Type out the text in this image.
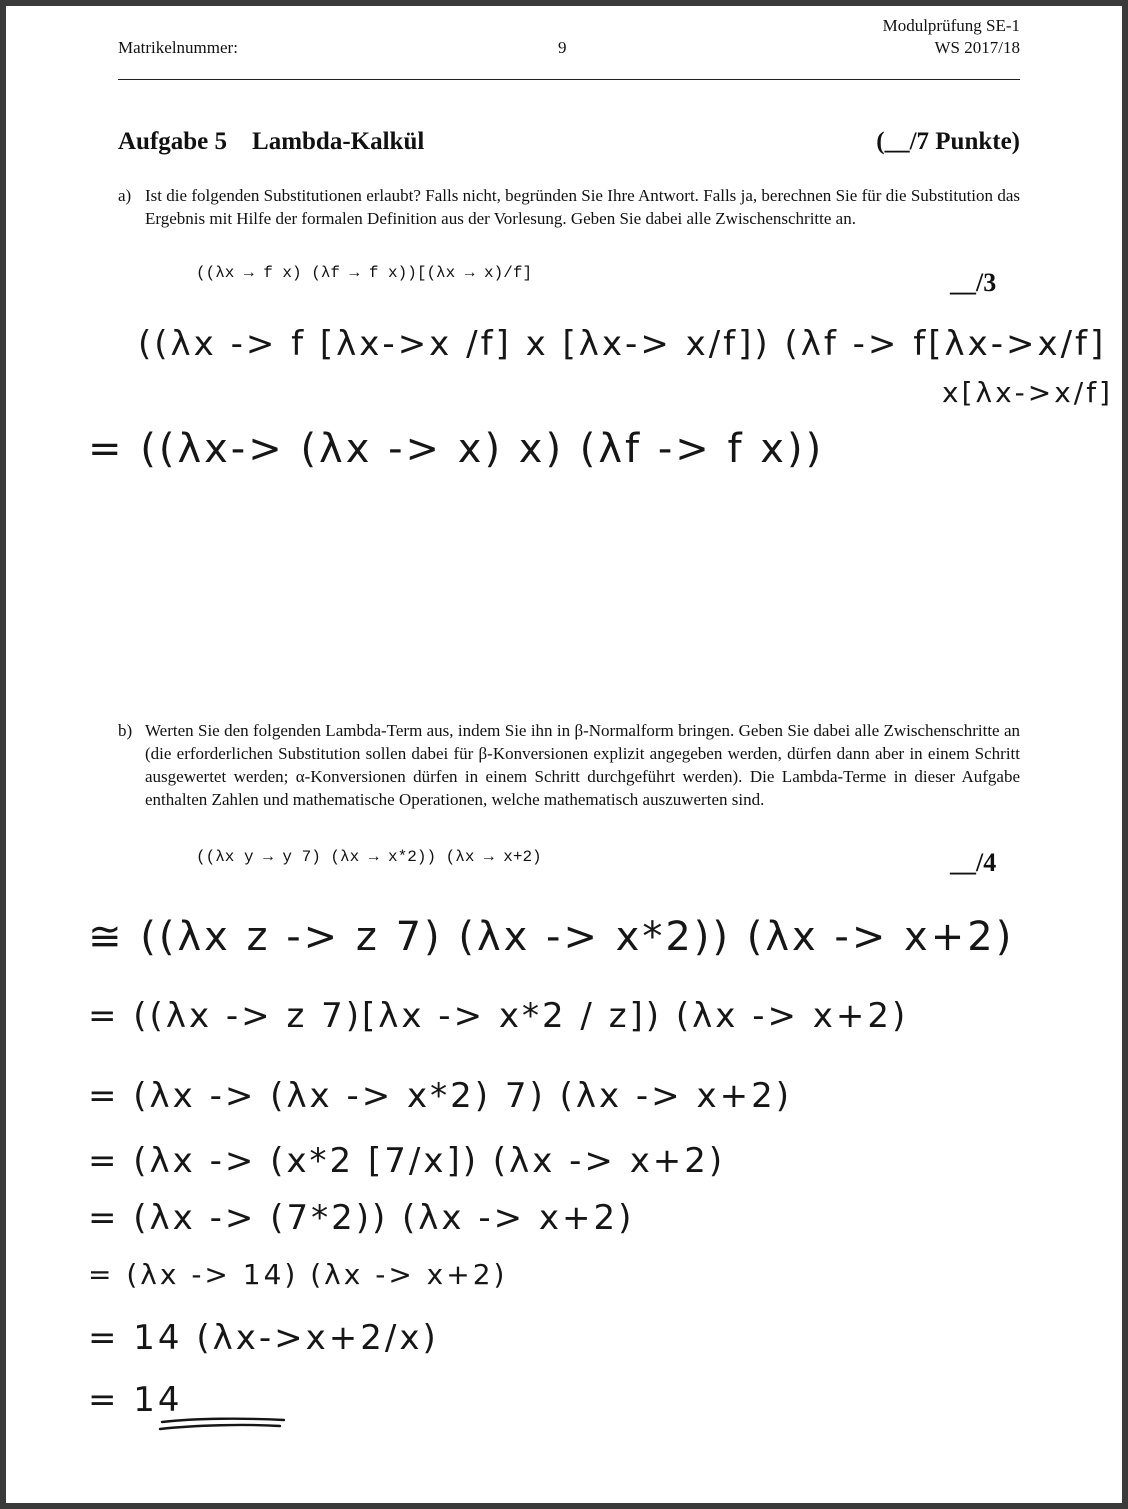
Matrikelnummer:	9
Modulprüfung SE-1
WS 2017/18
Aufgabe 5    Lambda-Kalkül	(__/7 Punkte)
a) Ist die folgenden Substitutionen erlaubt? Falls nicht, begründen Sie Ihre Antwort. Falls ja, berechnen Sie für die Substitution das Ergebnis mit Hilfe der formalen Definition aus der Vorlesung. Geben Sie dabei alle Zwischenschritte an.
((λx → f x) (λf → f x))[(λx → x)/f]	__/3
((λx -> f [λx->x /f] x [λx-> x/f]) (λf -> f[λx->x/f]
x[λx->x/f]
= ((λx-> (λx -> x) x) (λf -> f x))
b) Werten Sie den folgenden Lambda-Term aus, indem Sie ihn in β-Normalform bringen. Geben Sie dabei alle Zwischenschritte an (die erforderlichen Substitution sollen dabei für β-Konversionen explizit angegeben werden, dürfen dann aber in einem Schritt ausgewertet werden; α-Konversionen dürfen in einem Schritt durchgeführt werden). Die Lambda-Terme in dieser Aufgabe enthalten Zahlen und mathematische Operationen, welche mathematisch auszuwerten sind.
((λx y → y 7) (λx → x*2)) (λx → x+2)	__/4
≅ ((λx z -> z 7) (λx -> x*2)) (λx -> x+2)
= ((λx -> z 7)[λx -> x*2 / z]) (λx -> x+2)
= (λx -> (λx -> x*2) 7) (λx -> x+2)
= (λx -> (x*2 [7/x]) (λx -> x+2)
= (λx -> (7*2)) (λx -> x+2)
= (λx -> 14) (λx -> x+2)
= 14 (λx->x+2/x)
= 14
